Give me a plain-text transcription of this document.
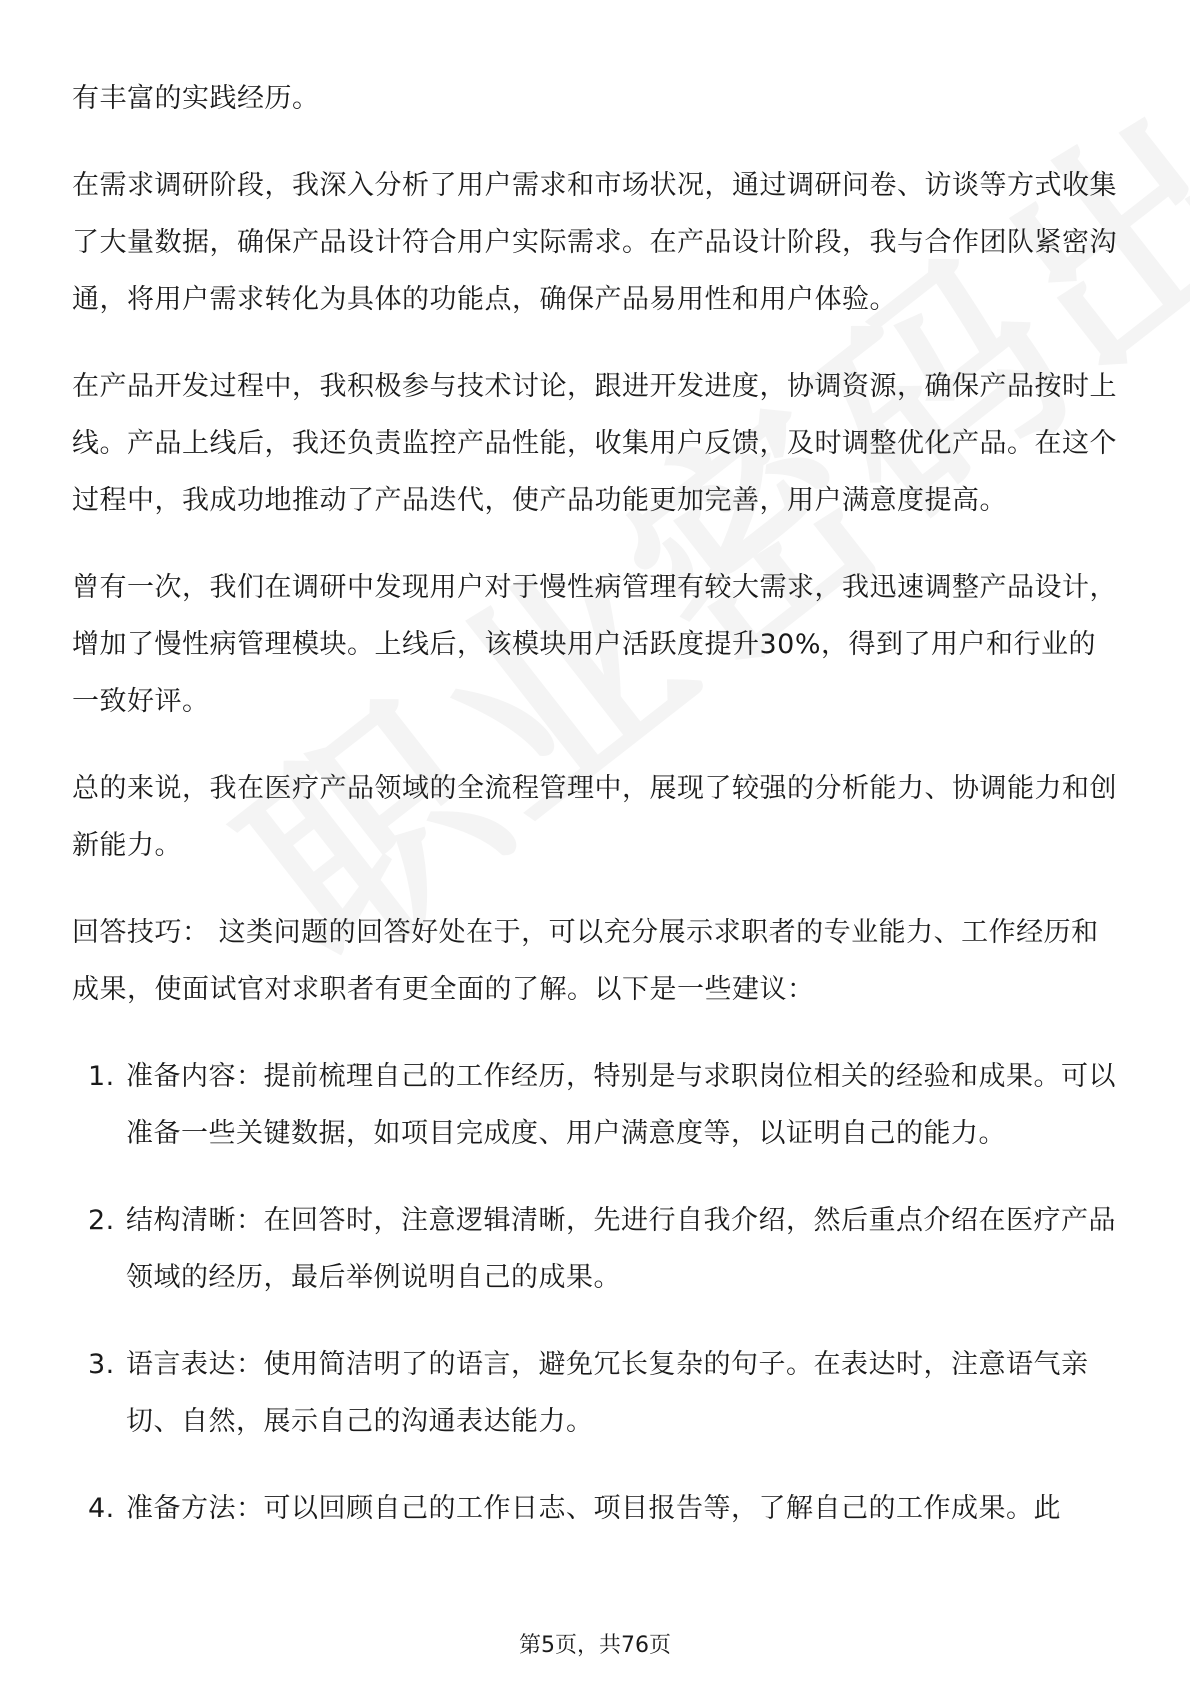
有丰富的实践经历。

在需求调研阶段，我深入分析了用户需求和市场状况，通过调研问卷、访谈等方式收集了大量数据，确保产品设计符合用户实际需求。在产品设计阶段，我与合作团队紧密沟通，将用户需求转化为具体的功能点，确保产品易用性和用户体验。

在产品开发过程中，我积极参与技术讨论，跟进开发进度，协调资源，确保产品按时上线。产品上线后，我还负责监控产品性能，收集用户反馈，及时调整优化产品。在这个过程中，我成功地推动了产品迭代，使产品功能更加完善，用户满意度提高。

曾有一次，我们在调研中发现用户对于慢性病管理有较大需求，我迅速调整产品设计，增加了慢性病管理模块。上线后，该模块用户活跃度提升30%，得到了用户和行业的一致好评。

总的来说，我在医疗产品领域的全流程管理中，展现了较强的分析能力、协调能力和创新能力。

回答技巧： 这类问题的回答好处在于，可以充分展示求职者的专业能力、工作经历和成果，使面试官对求职者有更全面的了解。以下是一些建议：

1. 准备内容：提前梳理自己的工作经历，特别是与求职岗位相关的经验和成果。可以准备一些关键数据，如项目完成度、用户满意度等，以证明自己的能力。
2. 结构清晰：在回答时，注意逻辑清晰，先进行自我介绍，然后重点介绍在医疗产品领域的经历，最后举例说明自己的成果。
3. 语言表达：使用简洁明了的语言，避免冗长复杂的句子。在表达时，注意语气亲切、自然，展示自己的沟通表达能力。
4. 准备方法：可以回顾自己的工作日志、项目报告等，了解自己的工作成果。此
第5页，共76页
